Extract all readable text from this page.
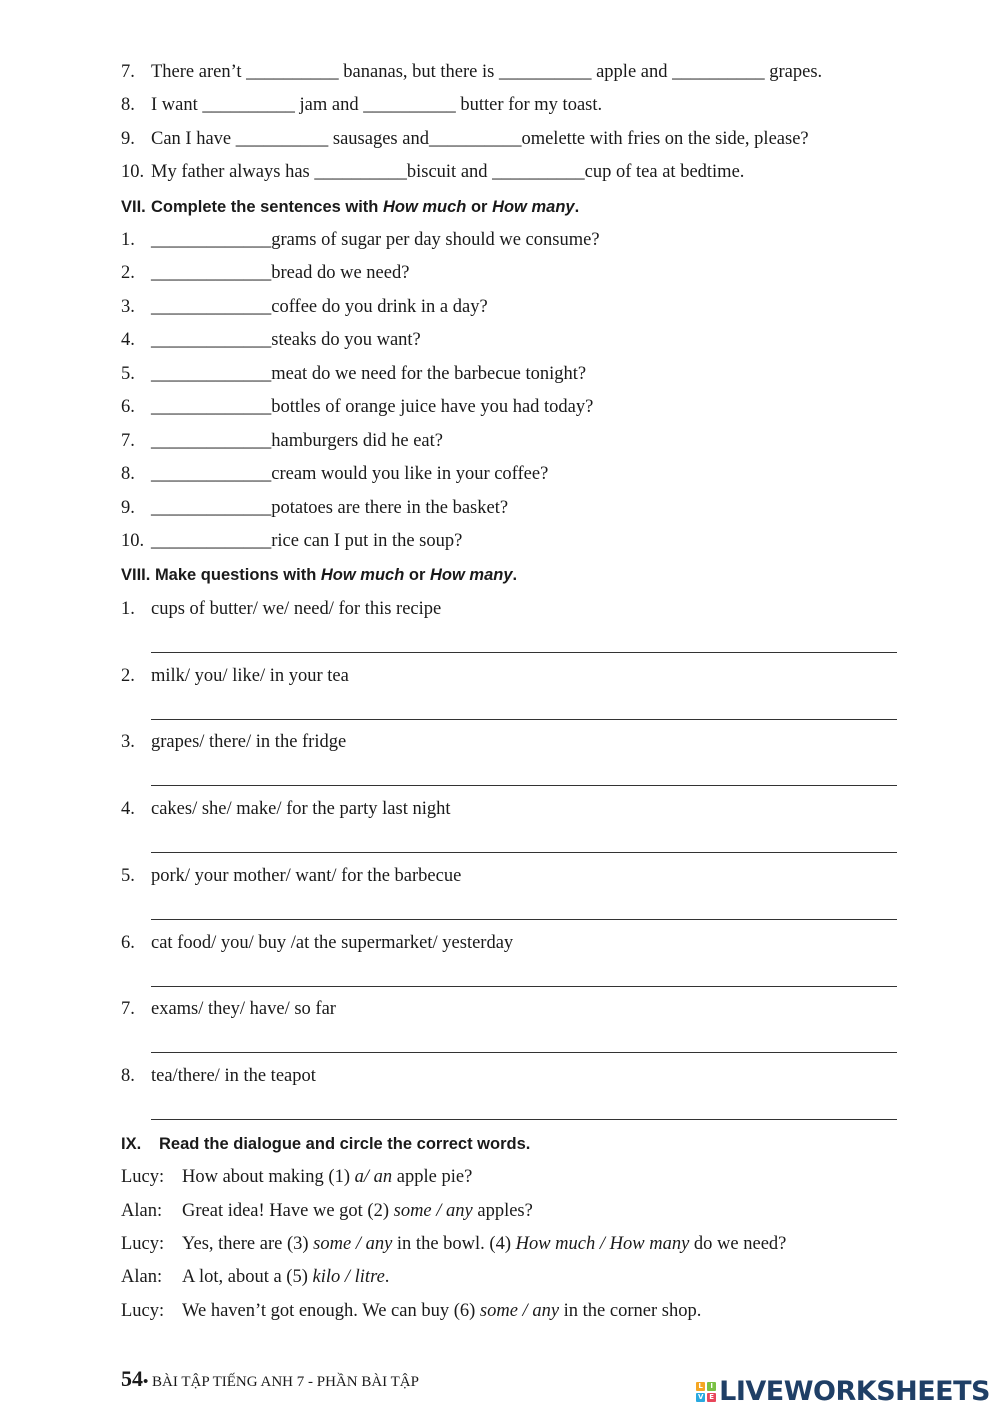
7. There aren’t __________ bananas, but there is __________ apple and __________ grapes.
8. I want __________ jam and __________ butter for my toast.
9. Can I have __________ sausages and__________omelette with fries on the side, please?
10. My father always has __________biscuit and __________cup of tea at bedtime.
VII. Complete the sentences with How much or How many.
1. _____________grams of sugar per day should we consume?
2. _____________bread do we need?
3. _____________coffee do you drink in a day?
4. _____________steaks do you want?
5. _____________meat do we need for the barbecue tonight?
6. _____________bottles of orange juice have you had today?
7. _____________hamburgers did he eat?
8. _____________cream would you like in your coffee?
9. _____________potatoes are there in the basket?
10. _____________rice can I put in the soup?
VIII. Make questions with How much or How many.
1. cups of butter/ we/ need/ for this recipe
2. milk/ you/ like/ in your tea
3. grapes/ there/ in the fridge
4. cakes/ she/ make/ for the party last night
5. pork/ your mother/ want/ for the barbecue
6. cat food/ you/ buy /at the supermarket/ yesterday
7. exams/ they/ have/ so far
8. tea/there/ in the teapot
IX. Read the dialogue and circle the correct words.
Lucy: How about making (1) a/ an apple pie?
Alan: Great idea! Have we got (2) some / any apples?
Lucy: Yes, there are (3) some / any in the bowl. (4) How much / How many do we need?
Alan: A lot, about a (5) kilo / litre.
Lucy: We haven’t got enough. We can buy (6) some / any in the corner shop.
54• BÀI TẬP TIẾNG ANH 7 - PHẦN BÀI TẬP	L	I
V E LIVEWORKSHEETS
